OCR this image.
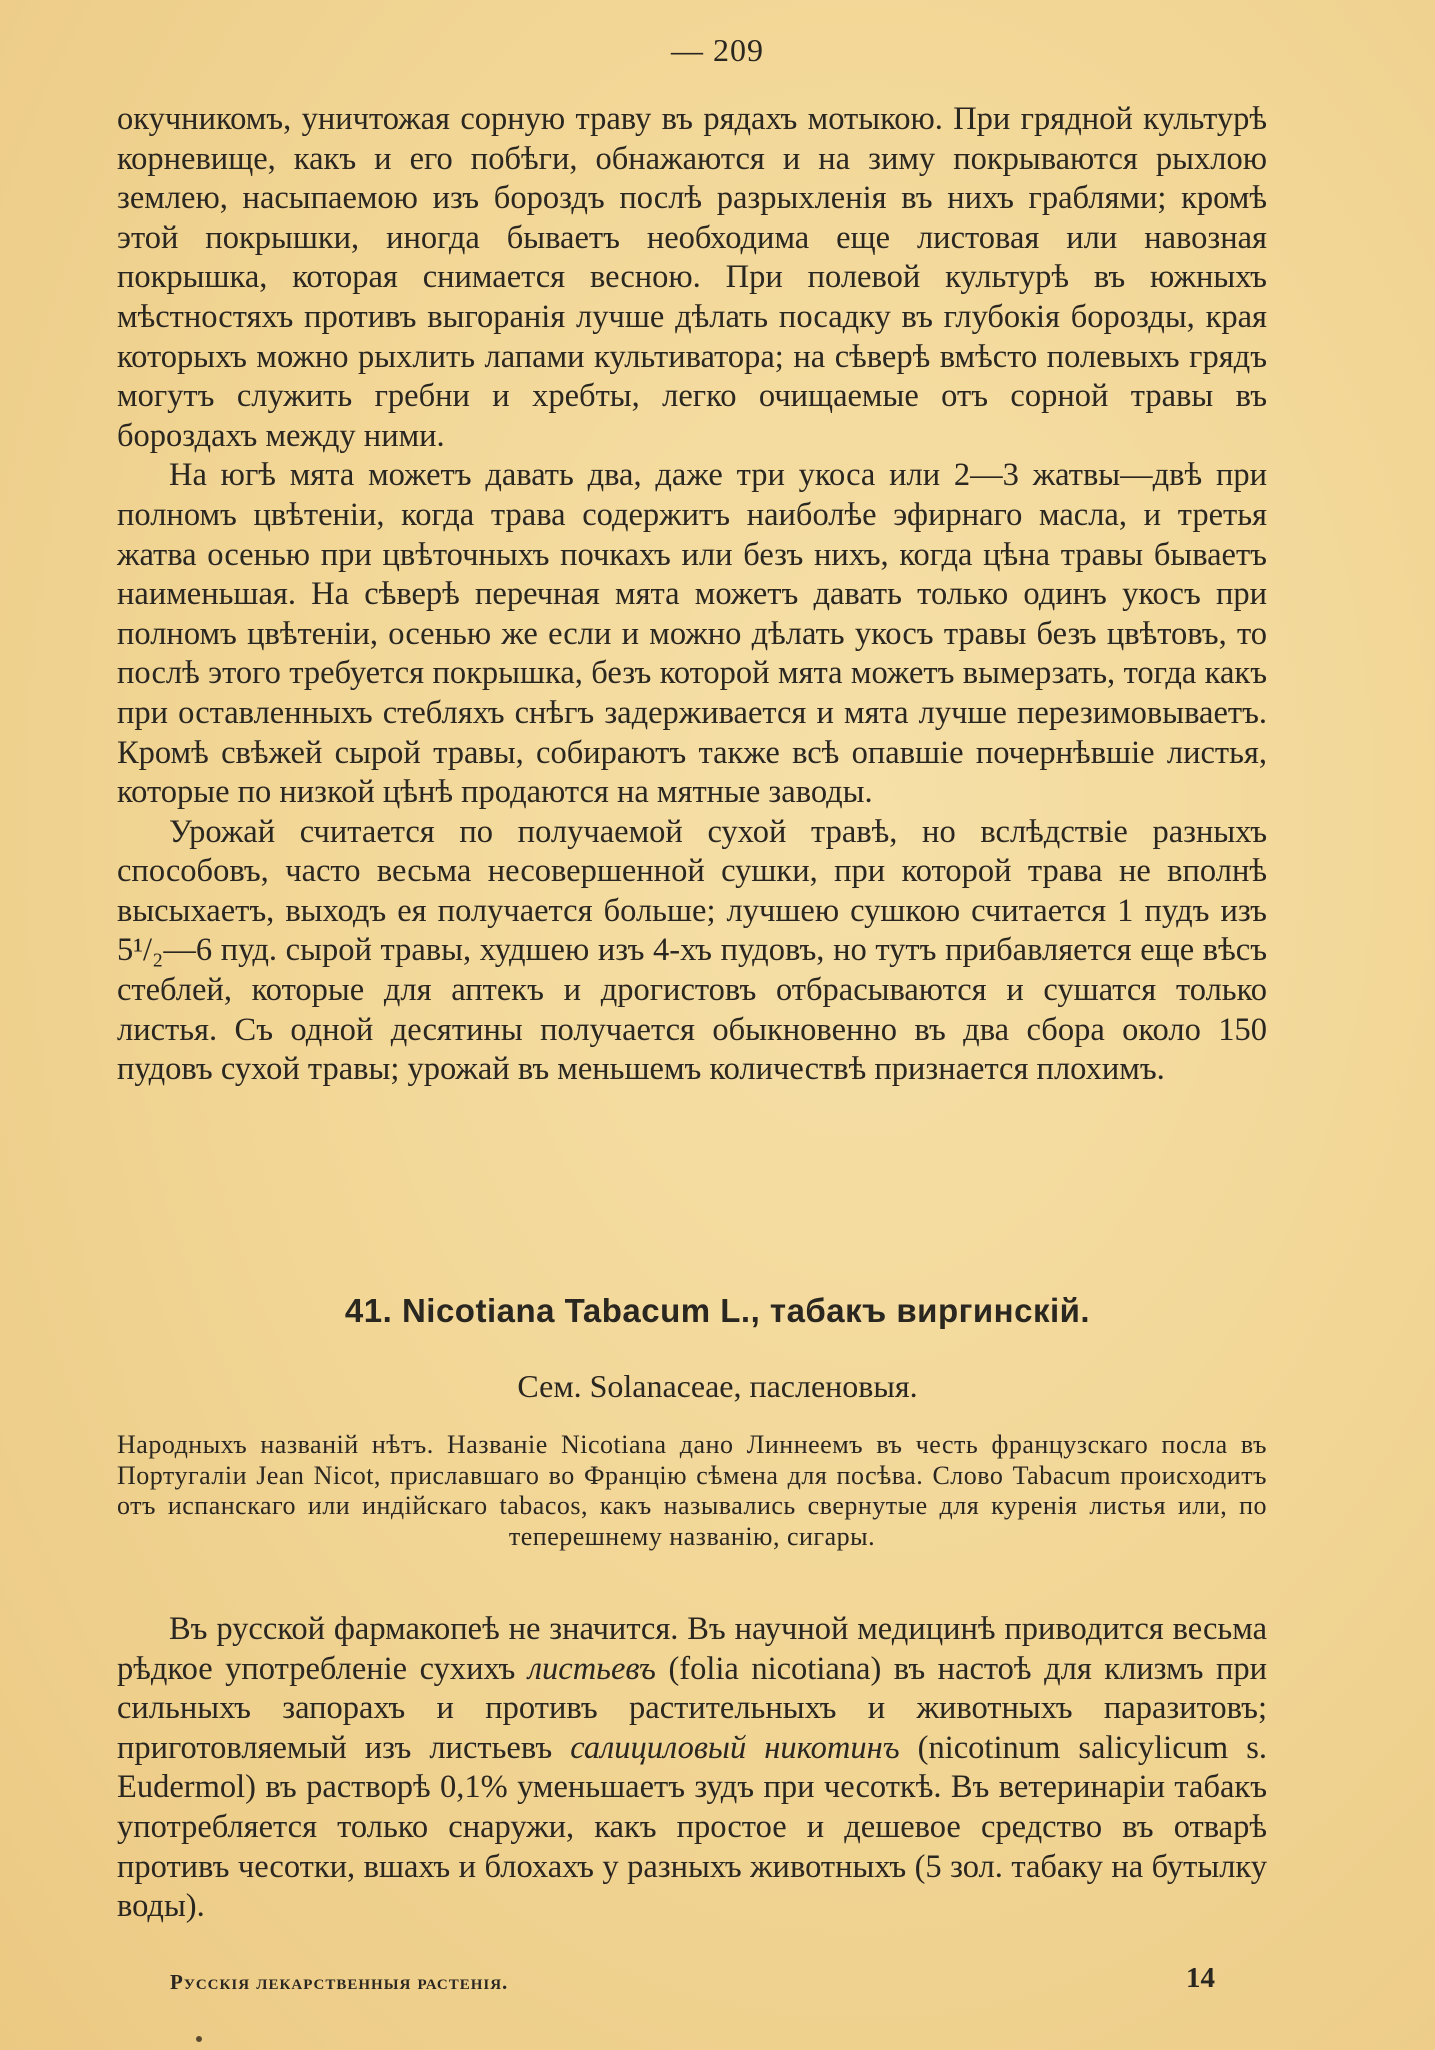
— 209

окучникомъ, уничтожая сорную траву въ рядахъ мотыкою. При грядной культурѣ корневище, какъ и его побѣги, обнажаются и на зиму покрываются рыхлою землею, насыпаемою изъ бороздъ послѣ разрыхленія въ нихъ граблями; кромѣ этой покрышки, иногда бываетъ необходима еще листовая или навозная покрышка, которая снимается весною. При полевой культурѣ въ южныхъ мѣстностяхъ противъ выгоранія лучше дѣлать посадку въ глубокія борозды, края которыхъ можно рыхлить лапами культиватора; на сѣверѣ вмѣсто полевыхъ грядъ могутъ служить гребни и хребты, легко очищаемые отъ сорной травы въ бороздахъ между ними.

На югѣ мята можетъ давать два, даже три укоса или 2—3 жатвы—двѣ при полномъ цвѣтеніи, когда трава содержитъ наиболѣе эфирнаго масла, и третья жатва осенью при цвѣточныхъ почкахъ или безъ нихъ, когда цѣна травы бываетъ наименьшая. На сѣверѣ перечная мята можетъ давать только одинъ укосъ при полномъ цвѣтеніи, осенью же если и можно дѣлать укосъ травы безъ цвѣтовъ, то послѣ этого требуется покрышка, безъ которой мята можетъ вымерзать, тогда какъ при оставленныхъ стебляхъ снѣгъ задерживается и мята лучше перезимовываетъ. Кромѣ свѣжей сырой травы, собираютъ также всѣ опавшіе почернѣвшіе листья, которые по низкой цѣнѣ продаются на мятные заводы.

Урожай считается по получаемой сухой травѣ, но вслѣдствіе разныхъ способовъ, часто весьма несовершенной сушки, при которой трава не вполнѣ высыхаетъ, выходъ ея получается больше; лучшею сушкою считается 1 пудъ изъ 5¹/₂—6 пуд. сырой травы, худшею изъ 4-хъ пудовъ, но тутъ прибавляется еще вѣсъ стеблей, которые для аптекъ и дрогистовъ отбрасываются и сушатся только листья. Съ одной десятины получается обыкновенно въ два сбора около 150 пудовъ сухой травы; урожай въ меньшемъ количествѣ признается плохимъ.

41. Nicotiana Tabacum L., табакъ виргинскій.
Сем. Solanaceae, пасленовыя.

Народныхъ названій нѣтъ. Названіе Nicotiana дано Линнеемъ въ честь французскаго посла въ Португаліи Jean Nicot, приславшаго во Францію сѣмена для посѣва. Слово Tabacum происходитъ отъ испанскаго или индійскаго tabacos, какъ назывались свернутые для куренія листья или, по теперешнему названію, сигары.

Въ русской фармакопеѣ не значится. Въ научной медицинѣ приводится весьма рѣдкое употребленіе сухихъ листьевъ (folia nicotiana) въ настоѣ для клизмъ при сильныхъ запорахъ и противъ растительныхъ и животныхъ паразитовъ; приготовляемый изъ листьевъ салициловый никотинъ (nicotinum salicylicum s. Eudermol) въ растворѣ 0,1% уменьшаетъ зудъ при чесоткѣ. Въ ветеринаріи табакъ употребляется только снаружи, какъ простое и дешевое средство въ отварѣ противъ чесотки, вшахъ и блохахъ у разныхъ животныхъ (5 зол. табаку на бутылку воды).

Русскія лекарственныя растенія.	14
